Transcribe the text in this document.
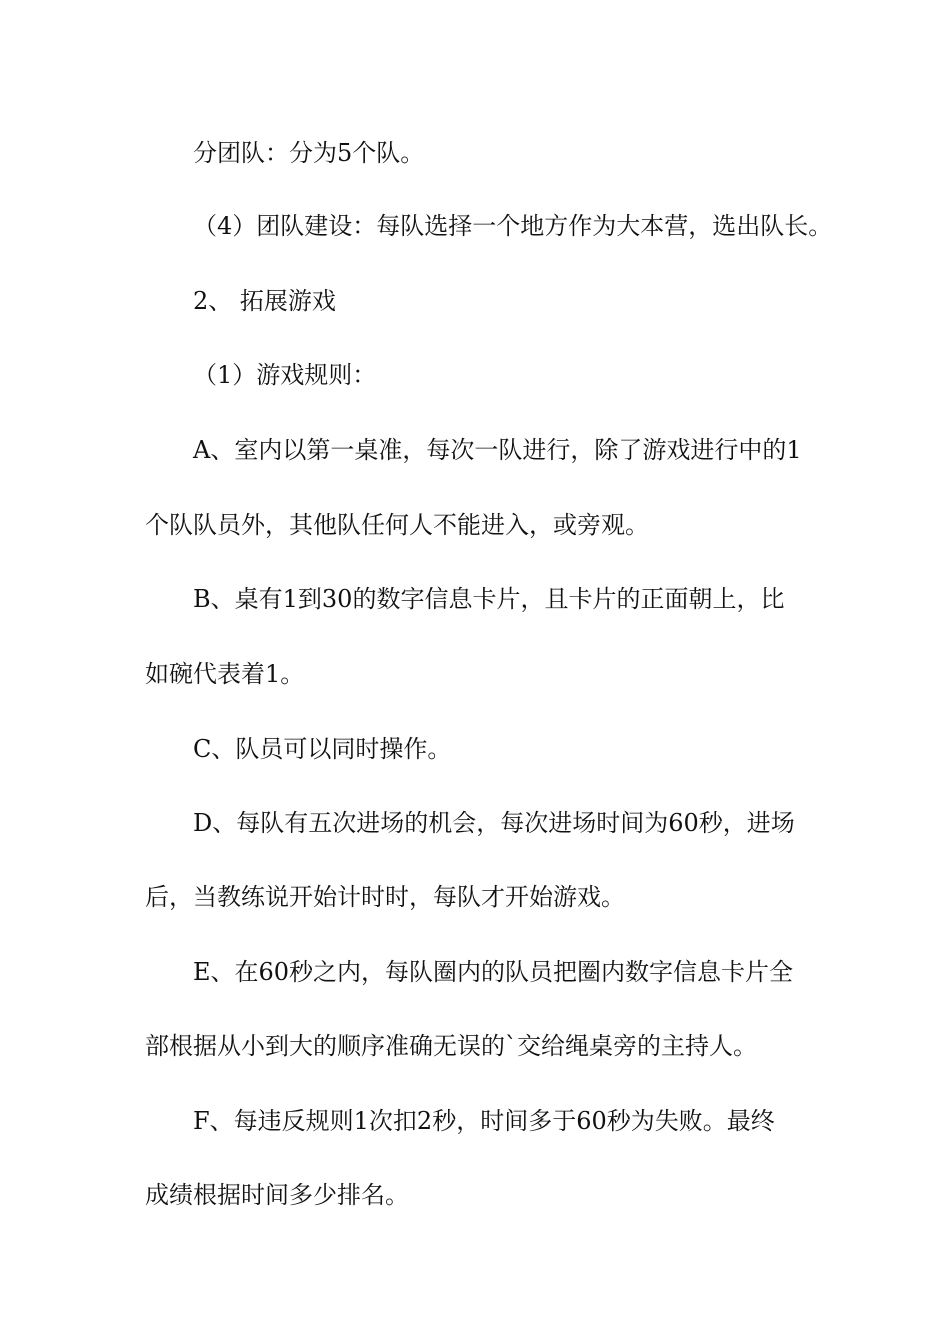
分团队：分为5个队。
（4）团队建设：每队选择一个地方作为大本营，选出队长。
2、 拓展游戏
（1）游戏规则：
A、室内以第一桌准，每次一队进行，除了游戏进行中的1
个队队员外，其他队任何人不能进入，或旁观。
B、桌有1到30的数字信息卡片，且卡片的正面朝上，比
如碗代表着1。
C、队员可以同时操作。
D、每队有五次进场的机会，每次进场时间为60秒，进场
后，当教练说开始计时时，每队才开始游戏。
E、在60秒之内，每队圈内的队员把圈内数字信息卡片全
部根据从小到大的顺序准确无误的`交给绳桌旁的主持人。
F、每违反规则1次扣2秒，时间多于60秒为失败。最终
成绩根据时间多少排名。
